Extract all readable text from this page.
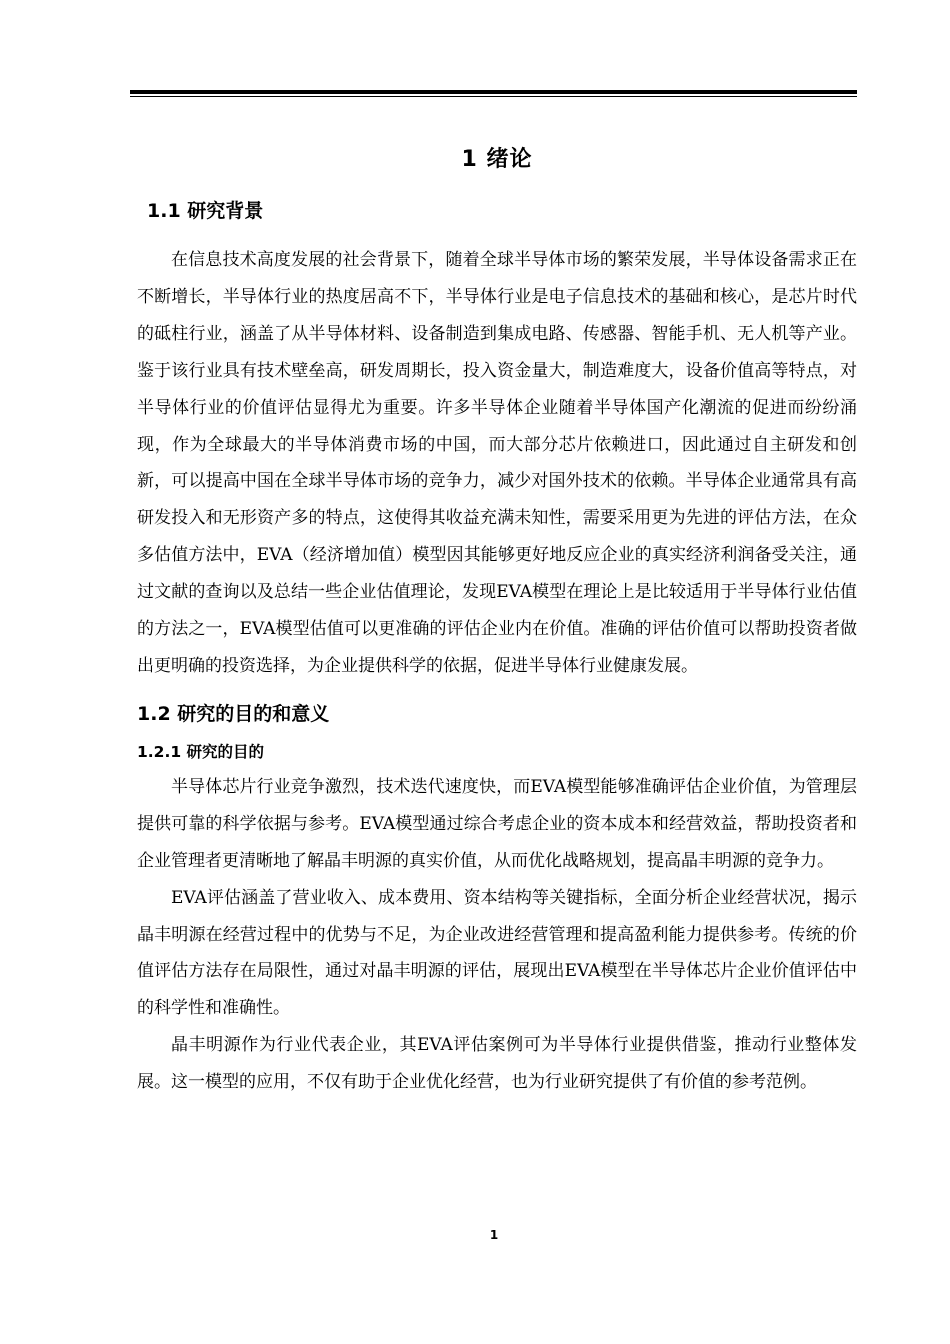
1 绪论
1.1 研究背景

在信息技术高度发展的社会背景下，随着全球半导体市场的繁荣发展，半导体设备需求正在不断增长，半导体行业的热度居高不下，半导体行业是电子信息技术的基础和核心，是芯片时代的砥柱行业，涵盖了从半导体材料、设备制造到集成电路、传感器、智能手机、无人机等产业。鉴于该行业具有技术壁垒高，研发周期长，投入资金量大，制造难度大，设备价值高等特点，对半导体行业的价值评估显得尤为重要。许多半导体企业随着半导体国产化潮流的促进而纷纷涌现，作为全球最大的半导体消费市场的中国，而大部分芯片依赖进口，因此通过自主研发和创新，可以提高中国在全球半导体市场的竞争力，减少对国外技术的依赖。半导体企业通常具有高研发投入和无形资产多的特点，这使得其收益充满未知性，需要采用更为先进的评估方法，在众多估值方法中，EVA（经济增加值）模型因其能够更好地反应企业的真实经济利润备受关注，通过文献的查询以及总结一些企业估值理论，发现EVA模型在理论上是比较适用于半导体行业估值的方法之一，EVA模型估值可以更准确的评估企业内在价值。准确的评估价值可以帮助投资者做出更明确的投资选择，为企业提供科学的依据，促进半导体行业健康发展。

1.2 研究的目的和意义
1.2.1 研究的目的

半导体芯片行业竞争激烈，技术迭代速度快，而EVA模型能够准确评估企业价值，为管理层提供可靠的科学依据与参考。EVA模型通过综合考虑企业的资本成本和经营效益，帮助投资者和企业管理者更清晰地了解晶丰明源的真实价值，从而优化战略规划，提高晶丰明源的竞争力。

EVA评估涵盖了营业收入、成本费用、资本结构等关键指标，全面分析企业经营状况，揭示晶丰明源在经营过程中的优势与不足，为企业改进经营管理和提高盈利能力提供参考。传统的价值评估方法存在局限性，通过对晶丰明源的评估，展现出EVA模型在半导体芯片企业价值评估中的科学性和准确性。

晶丰明源作为行业代表企业，其EVA评估案例可为半导体行业提供借鉴，推动行业整体发展。这一模型的应用，不仅有助于企业优化经营，也为行业研究提供了有价值的参考范例。

1
